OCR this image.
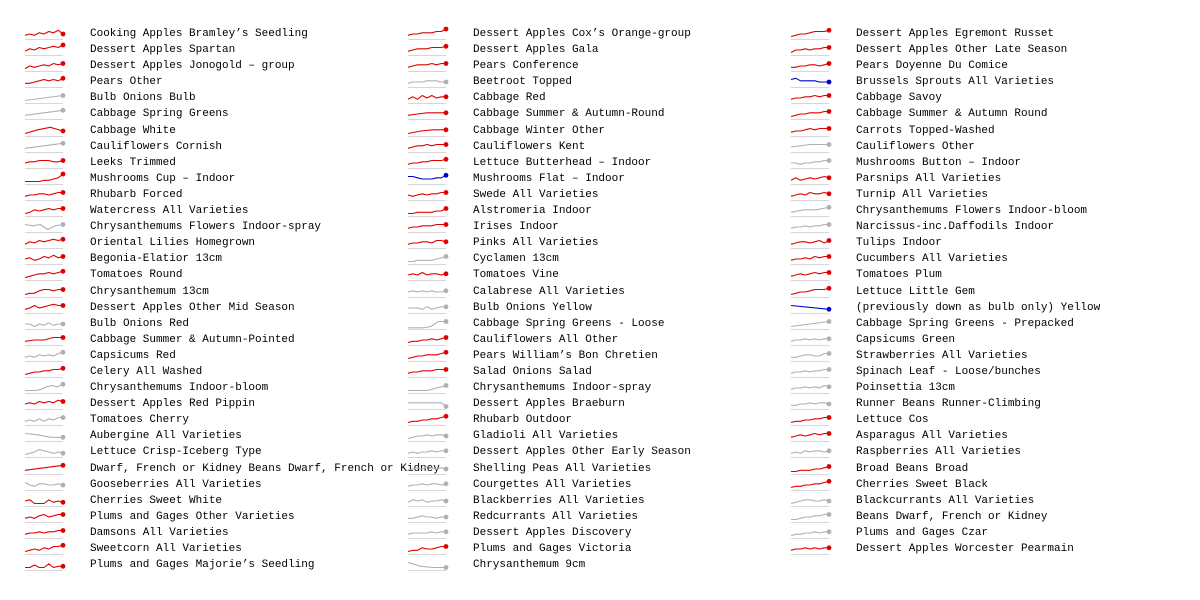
Cooking Apples Bramley’s Seedling
Dessert Apples Spartan
Dessert Apples Jonogold – group
Pears Other
Bulb Onions Bulb
Cabbage Spring Greens
Cabbage White
Cauliflowers Cornish
Leeks Trimmed
Mushrooms Cup – Indoor
Rhubarb Forced
Watercress All Varieties
Chrysanthemums Flowers Indoor-spray
Oriental Lilies Homegrown
Begonia-Elatior 13cm
Tomatoes Round
Chrysanthemum 13cm
Dessert Apples Other Mid Season
Bulb Onions Red
Cabbage Summer & Autumn-Pointed
Capsicums Red
Celery All Washed
Chrysanthemums Indoor-bloom
Dessert Apples Red Pippin
Tomatoes Cherry
Aubergine All Varieties
Lettuce Crisp-Iceberg Type
Dwarf, French or Kidney Beans Dwarf, French or Kidney
Gooseberries All Varieties
Cherries Sweet White
Plums and Gages Other Varieties
Damsons All Varieties
Sweetcorn All Varieties
Plums and Gages Majorie’s Seedling
Dessert Apples Cox’s Orange-group
Dessert Apples Gala
Pears Conference
Beetroot Topped
Cabbage Red
Cabbage Summer & Autumn-Round
Cabbage Winter Other
Cauliflowers Kent
Lettuce Butterhead – Indoor
Mushrooms Flat – Indoor
Swede All Varieties
Alstromeria Indoor
Irises Indoor
Pinks All Varieties
Cyclamen 13cm
Tomatoes Vine
Calabrese All Varieties
Bulb Onions Yellow
Cabbage Spring Greens - Loose
Cauliflowers All Other
Pears William’s Bon Chretien
Salad Onions Salad
Chrysanthemums Indoor-spray
Dessert Apples Braeburn
Rhubarb Outdoor
Gladioli All Varieties
Dessert Apples Other Early Season
Shelling Peas All Varieties
Courgettes All Varieties
Blackberries All Varieties
Redcurrants All Varieties
Dessert Apples Discovery
Plums and Gages Victoria
Chrysanthemum 9cm
Dessert Apples Egremont Russet
Dessert Apples Other Late Season
Pears Doyenne Du Comice
Brussels Sprouts All Varieties
Cabbage Savoy
Cabbage Summer & Autumn Round
Carrots Topped-Washed
Cauliflowers Other
Mushrooms Button – Indoor
Parsnips All Varieties
Turnip All Varieties
Chrysanthemums Flowers Indoor-bloom
Narcissus-inc.Daffodils Indoor
Tulips Indoor
Cucumbers All Varieties
Tomatoes Plum
Lettuce Little Gem
(previously down as bulb only) Yellow
Cabbage Spring Greens - Prepacked
Capsicums Green
Strawberries All Varieties
Spinach Leaf - Loose/bunches
Poinsettia 13cm
Runner Beans Runner-Climbing
Lettuce Cos
Asparagus All Varieties
Raspberries All Varieties
Broad Beans Broad
Cherries Sweet Black
Blackcurrants All Varieties
Beans Dwarf, French or Kidney
Plums and Gages Czar
Dessert Apples Worcester Pearmain
